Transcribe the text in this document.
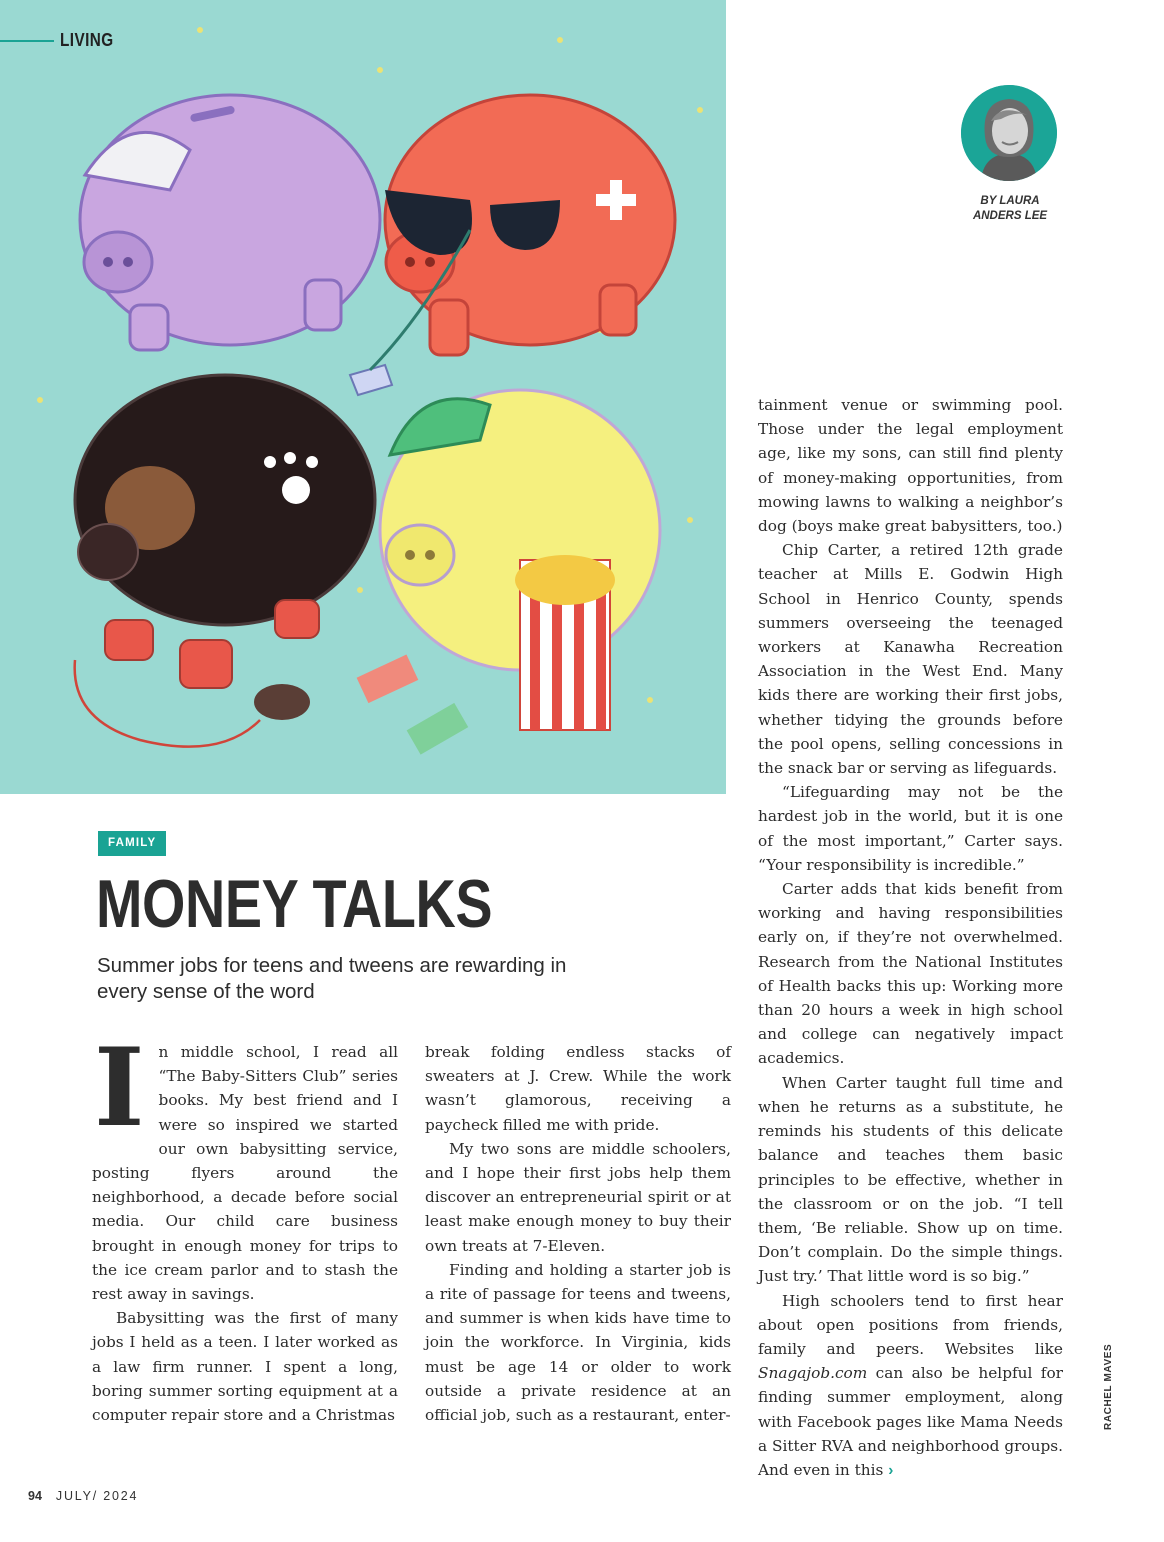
LIVING
BY LAURA
ANDERS LEE
FAMILY
MONEY TALKS
Summer jobs for teens and tweens are rewarding in every sense of the word

In middle school, I read all “The Baby-Sitters Club” series books. My best friend and I were so inspired we started our own babysitting service, posting flyers around the neighborhood, a decade before social media. Our child care business brought in enough money for trips to the ice cream parlor and to stash the rest away in savings.

Babysitting was the first of many jobs I held as a teen. I later worked as a law firm runner. I spent a long, boring summer sorting equipment at a computer repair store and a Christmas

break folding endless stacks of sweaters at J. Crew. While the work wasn’t glamorous, receiving a paycheck filled me with pride.

My two sons are middle schoolers, and I hope their first jobs help them discover an entrepreneurial spirit or at least make enough money to buy their own treats at 7-Eleven.

Finding and holding a starter job is a rite of passage for teens and tweens, and summer is when kids have time to join the workforce. In Virginia, kids must be age 14 or older to work outside a private residence at an official job, such as a restaurant, enter-

tainment venue or swimming pool. Those under the legal employment age, like my sons, can still find plenty of money-making opportunities, from mowing lawns to walking a neighbor’s dog (boys make great babysitters, too.)

Chip Carter, a retired 12th grade teacher at Mills E. Godwin High School in Henrico County, spends summers overseeing the teenaged workers at Kanawha Recreation Association in the West End. Many kids there are working their first jobs, whether tidying the grounds before the pool opens, selling concessions in the snack bar or serving as lifeguards.

“Lifeguarding may not be the hardest job in the world, but it is one of the most important,” Carter says. “Your responsibility is incredible.”

Carter adds that kids benefit from working and having responsibilities early on, if they’re not overwhelmed. Research from the National Institutes of Health backs this up: Working more than 20 hours a week in high school and college can negatively impact academics.

When Carter taught full time and when he returns as a substitute, he reminds his students of this delicate balance and teaches them basic principles to be effective, whether in the classroom or on the job. “I tell them, ‘Be reliable. Show up on time. Don’t complain. Do the simple things. Just try.’ That little word is so big.”

High schoolers tend to first hear about open positions from friends, family and peers. Websites like Snagajob.com can also be helpful for finding summer employment, along with Facebook pages like Mama Needs a Sitter RVA and neighborhood groups. And even in this ›

RACHEL MAVES
94 JULY/ 2024
